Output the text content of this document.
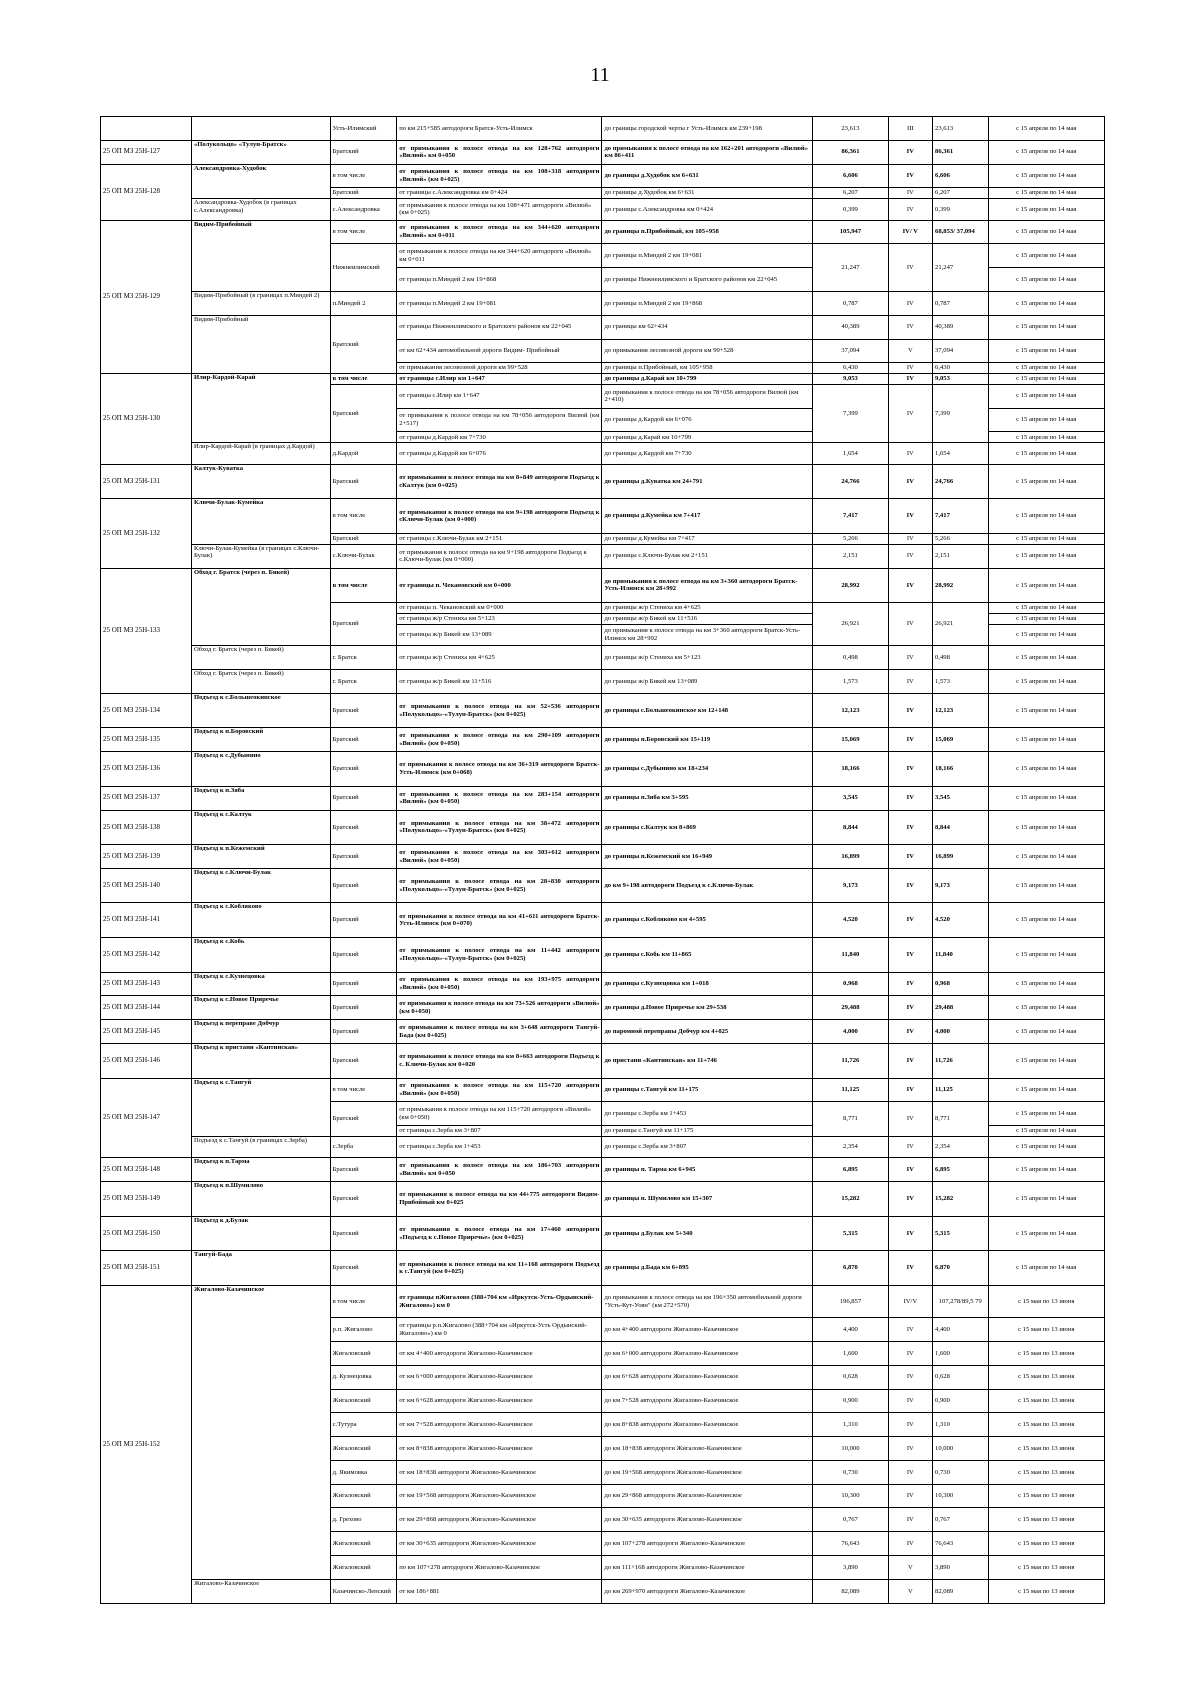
11
		Усть-Илимский	по км 215+585 автодороги Братск-Усть-Илимск	до границы городской черты г Усть-Илимск км 239+198	23,613	III	23,613	с 15 апреля по 14 мая
25 ОП МЗ 25Н-127	«Полукольцо» «Тулун-Братск»	Братский	от примыкания к полосе отвода на км 128+762 автодороги «Вилюй» км 0+050	до примыкания к полосе отвода на км 162+201 автодороги «Вилюй» км 86+411	86,361	IV	86,361	с 15 апреля по 14 мая
25 ОП МЗ 25Н-128	Александровка-Худобок	в том числе	от примыкания к полосе отвода на км 108+318 автодороги «Вилюй» (км 0+025)	до границы д.Худобок км 6+631	6,606	IV	6,606	с 15 апреля по 14 мая
		Братский	от границы с.Александровка км 0+424	до границы д.Худобок км 6+631	6,207	IV	6,207	с 15 апреля по 14 мая
	Александровка-Худобок (в границах с.Александровка)	с.Александровка	от примыкания к полосе отвода на км 108+471 автодороги «Вилюй» (км 0+025)	до границы с.Александровка км 0+424	0,399	IV	0,399	с 15 апреля по 14 мая
25 ОП МЗ 25Н-129	Видим-Прибойный	в том числе	от примыкания к полосе отвода на км 344+620 автодороги «Вилюй» км 0+011	до границы п.Прибойный, км 105+958	105,947	IV/ V	68,853/ 37,094	с 15 апреля по 14 мая
		Нижнеилимский	от примыкания к полосе отвода на км 344+620 автодороги «Вилюй» км 0+011	до границы п.Миндей 2 км 19+081	21,247	IV	21,247	с 15 апреля по 14 мая
			от границы п.Миндей 2 км 19+868	до границы Нижнеилимского и Братского районов км 22+045				с 15 апреля по 14 мая
	Видим-Прибойный (в границах п.Миндей 2)	п.Миндей 2	от границы п.Миндей 2 км 19+081	до границы п.Миндей 2 км 19+868	0,787	IV	0,787	с 15 апреля по 14 мая
	Видим-Прибойный	Братский	от границы Нижнеилимского и Братского районов км 22+045	до границы км 62+434	40,389	IV	40,389	с 15 апреля по 14 мая
			от км 62+434 автомобильной дороги Видим- Прибойный	до примыкания лесовозной дороги км 99+528	37,094	V	37,094	с 15 апреля по 14 мая
			от примыкания лесовозной дороги км 99+528	до границы п.Прибойный, км 105+958	6,430	IV	6,430	с 15 апреля по 14 мая
25 ОП МЗ 25Н-130	Илир-Кардой-Карай	в том числе	от границы с.Илир км 1+647	до границы д.Карай км 10+799	9,053	IV	9,053	с 15 апреля по 14 мая
		Братский	от границы с.Илир км 1+647	до примыкания к полосе отвода на км 78+056 автодороги Вилюй (км 2+410)	7,399	IV	7,399	с 15 апреля по 14 мая
			от примыкания к полосе отвода на км 78+056 автодороги Вилюй (км 2+517)	до границы д.Кардой км 6+076				с 15 апреля по 14 мая
			от границы д.Кардой км 7+730	до границы д.Карай км 10+799				с 15 апреля по 14 мая
	Илир-Кардой-Карай (в границах д.Кардой)	д.Кардой	от границы д.Кардой км 6+076	до границы д.Кардой км 7+730	1,654	IV	1,654	с 15 апреля по 14 мая
25 ОП МЗ 25Н-131	Калтук-Куватка	Братский	от примыкания к полосе отвода на км 8+849 автодороги Подъезд к сКалтук (км 0+025)	до границы д.Куватка км 24+791	24,766	IV	24,766	с 15 апреля по 14 мая
25 ОП МЗ 25Н-132	Ключи-Булак-Кумейка	в том числе	от примыкания к полосе отвода на км 9+198 автодороги Подъезд к сКлючи-Булак (км 0+000)	до границы д.Кумейка км 7+417	7,417	IV	7,417	с 15 апреля по 14 мая
		Братский	от границы с.Ключи-Булак км 2+151	до границы д.Кумейка км 7+417	5,266	IV	5,266	с 15 апреля по 14 мая
	Ключи-Булак-Кумейка (в границах с.Ключи-Булак)	с.Ключи-Булак	от примыкания к полосе отвода на км 9+198 автодороги Подъезд к с.Ключи-Булак (км 0+000)	до границы с.Ключи-Булак км 2+151	2,151	IV	2,151	с 15 апреля по 14 мая
25 ОП МЗ 25Н-133	Обход г. Братск (через п. Бикей)	в том числе	от границы п. Чекановский км 0+000	до примыкания к полосе отвода на км 3+360 автодороги Братск-Усть-Илимск км 28+992	28,992	IV	28,992	с 15 апреля по 14 мая
		Братский	от границы п. Чекановский км 0+000	до границы ж/р Стениха км 4+625	26,921	IV	26,921	с 15 апреля по 14 мая
			от границы ж/р Стениха км 5+123	до границы ж/р Бикей км 11+516				с 15 апреля по 14 мая
			от границы ж/р Бикей км 13+089	до примыкания к полосе отвода на км 3+360 автодороги Братск-Усть-Илимск км 28+992				с 15 апреля по 14 мая
	Обход г. Братск (через п. Бикей)	г. Братск	от границы ж/р Стениха км 4+625	до границы ж/р Стениха км 5+123	0,498	IV	0,498	с 15 апреля по 14 мая
	Обход г. Братск (через п. Бикей)	г. Братск	от границы ж/р Бикей км 11+516	до границы ж/р Бикей км 13+089	1,573	IV	1,573	с 15 апреля по 14 мая
25 ОП МЗ 25Н-134	Подъезд к с.Большеокинское	Братский	от примыкания к полосе отвода на км 52+536 автодороги «Полукольцо»-«Тулун-Братск» (км 0+025)	до границы с.Большеокинское км 12+148	12,123	IV	12,123	с 15 апреля по 14 мая
25 ОП МЗ 25Н-135	Подъезд к п.Боровский	Братский	от примыкания к полосе отвода на км 290+109 автодороги «Вилюй» (км 0+050)	до границы п.Боровский км 15+119	15,069	IV	15,069	с 15 апреля по 14 мая
25 ОП МЗ 25Н-136	Подъезд к с.Дубынино	Братский	от примыкания к полосе отвода на км 36+319 автодороги Братск-Усть-Илимск (км 0+068)	до границы с.Дубынино км 18+234	18,166	IV	18,166	с 15 апреля по 14 мая
25 ОП МЗ 25Н-137	Подъезд к п.Зяба	Братский	от примыкания к полосе отвода на км 283+154 автодороги «Вилюй» (км 0+050)	до границы п.Зяба км 3+595	3,545	IV	3,545	с 15 апреля по 14 мая
25 ОП МЗ 25Н-138	Подъезд к с.Калтук	Братский	от примыкания к полосе отвода на км 38+472 автодороги «Полукольцо»-«Тулун-Братск» (км 0+025)	до границы с.Калтук км 8+869	8,844	IV	8,844	с 15 апреля по 14 мая
25 ОП МЗ 25Н-139	Подъезд к п.Кежемский	Братский	от примыкания к полосе отвода на км 303+612 автодороги «Вилюй» (км 0+050)	до границы п.Кежемский км 16+949	16,899	IV	16,899	с 15 апреля по 14 мая
25 ОП МЗ 25Н-140	Подъезд к с.Ключи-Булак	Братский	от примыкания к полосе отвода на км 28+830 автодороги «Полукольцо»-«Тулун-Братск» (км 0+025)	до км 9+198 автодороги Подъезд к с.Ключи-Булак	9,173	IV	9,173	с 15 апреля по 14 мая
25 ОП МЗ 25Н-141	Подъезд к с.Кобляково	Братский	от примыкания к полосе отвода на км 41+611 автодороги Братск-Усть-Илимск (км 0+070)	до границы с.Кобляково км 4+595	4,520	IV	4,520	с 15 апреля по 14 мая
25 ОП МЗ 25Н-142	Подъезд к с.Кобь	Братский	от примыкания к полосе отвода на км 11+442 автодороги «Полукольцо»-«Тулун-Братск» (км 0+025)	до границы с.Кобь км 11+865	11,840	IV	11,840	с 15 апреля по 14 мая
25 ОП МЗ 25Н-143	Подъезд к с.Кузнецовка	Братский	от примыкания к полосе отвода на км 193+975 автодороги «Вилюй» (км 0+050)	до границы с.Кузнецовка км 1+018	0,968	IV	0,968	с 15 апреля по 14 мая
25 ОП МЗ 25Н-144	Подъезд к с.Новое Приречье	Братский	от примыкания к полосе отвода на км 73+526 автодороги «Вилюй» (км 0+050)	до границы д.Новое Приречье км 29+538	29,488	IV	29,488	с 15 апреля по 14 мая
25 ОП МЗ 25Н-145	Подъезд к переправе Добчур	Братский	от примыкания к полосе отвода на км 3+648 автодороги Тангуй-Бада (км 0+025)	до паромной переправы Добчур км 4+025	4,000	IV	4,000	с 15 апреля по 14 мая
25 ОП МЗ 25Н-146	Подъезд к пристани «Кантинская»	Братский	от примыкания к полосе отвода на км 8+663 автодороги Подъезд к с. Ключи-Булак км 0+020	до пристани «Кантинская» км 11+746	11,726	IV	11,726	с 15 апреля по 14 мая
25 ОП МЗ 25Н-147	Подъезд к с.Тангуй	в том числе	от примыкания к полосе отвода на км 115+720 автодороги «Вилюй» (км 0+050)	до границы с.Тангуй км 11+175	11,125	IV	11,125	с 15 апреля по 14 мая
		Братский	от примыкания к полосе отвода на км 115+720 автодороги «Вилюй» (км 0+050)	до границы с.Зерба км 1+453	8,771	IV	8,771	с 15 апреля по 14 мая
			от границы с.Зерба км 3+807	до границы с.Тангуй км 11+175				с 15 апреля по 14 мая
	Подъезд к с.Тангуй (в границах с.Зерба)	с.Зерба	от границы с.Зерба км 1+453	до границы с.Зерба км 3+807	2,354	IV	2,354	с 15 апреля по 14 мая
25 ОП МЗ 25Н-148	Подъезд к п.Тарма	Братский	от примыкания к полосе отвода на км 186+703 автодороги «Вилюй» км 0+050	до границы п. Тарма км 6+945	6,895	IV	6,895	с 15 апреля по 14 мая
25 ОП МЗ 25Н-149	Подъезд к п.Шумилово	Братский	от примыкания к полосе отвода на км 44+775 автодороги Видим-Прибойный км 0+025	до границы п. Шумилово км 15+307	15,282	IV	15,282	с 15 апреля по 14 мая
25 ОП МЗ 25Н-150	Подъезд к д.Булак	Братский	от примыкания к полосе отвода на км 17+460 автодороги «Подъезд к с.Новое Приречье» (км 0+025)	до границы д.Булак км 5+340	5,315	IV	5,315	с 15 апреля по 14 мая
25 ОП МЗ 25Н-151	Тангуй-Бада	Братский	от примыкания к полосе отвода на км 11+168 автодороги Подъезд к с.Тангуй (км 0+025)	до границы д.Бада км 6+895	6,870	IV	6,870	с 15 апреля по 14 мая
25 ОП МЗ 25Н-152	Жигалово-Казачинское	в том числе	от границы пЖигалово (388+704 км «Иркутск-Усть-Ордынский-Жигалово») км 0	до примыкания к полосе отвода на км 196+350 автомобильной дороги "Усть-Кут-Уоян" (км 272+570)	196,857	IV/V	107,278/89,5 79	с 15 мая по 13 июня
		р.п. Жигалово	от границы р.п.Жигалово (388+704 км «Иркутск-Усть Ордынский-Жигалово») км 0	до км 4+400 автодороги Жигалово-Казачинское	4,400	IV	4,400	с 15 мая по 13 июня
		Жигаловский	от км 4+400 автодороги Жигалово-Казачинское	до км 6+000 автодороги Жигалово-Казачинское	1,600	IV	1,600	с 15 мая по 13 июня
		д. Кузнецовка	от км 6+000 автодороги Жигалово-Казачинское	до км 6+628 автодороги Жигалово-Казачинское	0,628	IV	0,628	с 15 мая по 13 июня
		Жигаловский	от км 6+628 автодороги Жигалово-Казачинское	до км 7+528 автодороги Жигалово-Казачинское	0,900	IV	0,900	с 15 мая по 13 июня
		с.Тутура	от км 7+528 автодороги Жигалово-Казачинское	до км 8+838 автодороги Жигалово-Казачинское	1,310	IV	1,310	с 15 мая по 13 июня
		Жигаловский	от км 8+838 автодороги Жигалово-Казачинское	до км 18+838 автодороги Жигалово-Казачинское	10,000	IV	10,000	с 15 мая по 13 июня
		д. Якимовка	от км 18+838 автодороги Жигалово-Казачинское	до км 19+568 автодороги Жигалово-Казачинское	0,730	IV	0,730	с 15 мая по 13 июня
		Жигаловский	от км 19+568 автодороги Жигалово-Казачинское	до км 29+868 автодороги Жигалово-Казачинское	10,300	IV	10,300	с 15 мая по 13 июня
		д. Грехово	от км 29+868 автодороги Жигалово-Казачинское	до км 30+635 автодороги Жигалово-Казачинское	0,767	IV	0,767	с 15 мая по 13 июня
		Жигаловский	от км 30+635 автодороги Жигалово-Казачинское	до км 107+278 автодороги Жигалово-Казачинское	76,643	IV	76,643	с 15 мая по 13 июня
		Жигаловский	по км 107+278 автодороги Жигалово-Казачинское	до км 111+168 автодороги Жигалово-Казачинское	3,890	V	3,890	с 15 мая по 13 июня
	Жигалово-Казачинское	Казачинско-Ленский	от км 186+881	до км 269+970 автодороги Жигалово-Казачинское	82,089	V	82,089	с 15 мая по 13 июня
